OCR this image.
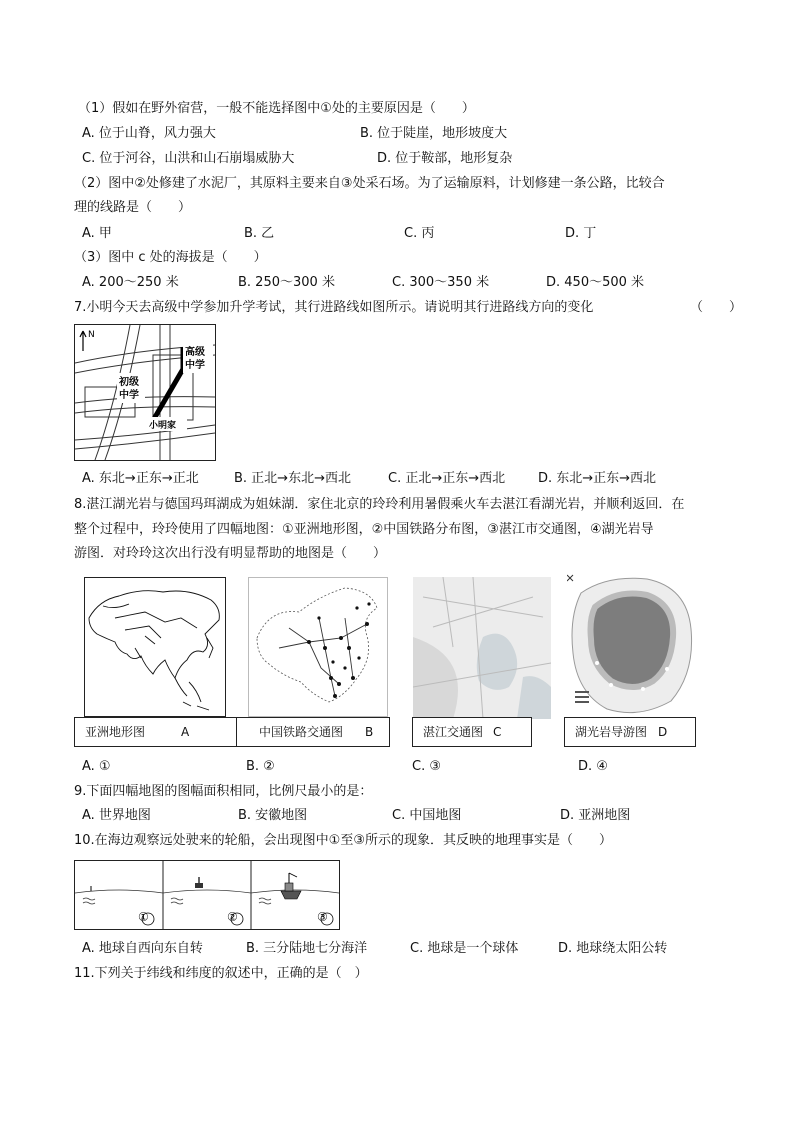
（1）假如在野外宿营，一般不能选择图中①处的主要原因是（　　）
A. 位于山脊，风力强大	B. 位于陡崖，地形坡度大
C. 位于河谷，山洪和山石崩塌威胁大	D. 位于鞍部，地形复杂
（2）图中②处修建了水泥厂，其原料主要来自③处采石场。为了运输原料，计划修建一条公路，比较合
理的线路是（　　）
A. 甲	B. 乙	C. 丙	D. 丁
（3）图中 c 处的海拔是（　　）
A. 200～250 米	B. 250～300 米	C. 300～350 米	D. 450～500 米
7.小明今天去高级中学参加升学考试，其行进路线如图所示。请说明其行进路线方向的变化	（　　）
N
高级
中学
初级
中学
小明家
A. 东北→正东→正北	B. 正北→东北→西北	C. 正北→正东→西北	D. 东北→正东→西北
8.湛江湖光岩与德国玛珥湖成为姐妹湖．家住北京的玲玲利用暑假乘火车去湛江看湖光岩，并顺利返回．在
整个过程中，玲玲使用了四幅地图：①亚洲地形图，②中国铁路分布图，③湛江市交通图，④湖光岩导
游图．对玲玲这次出行没有明显帮助的地图是（　　）
亚洲地形图	A	中国铁路交通图 B	湛江交通图 C	湖光岩导游图 D
A. ①	B. ②	C. ③	D. ④
9.下面四幅地图的图幅面积相同，比例尺最小的是：
A. 世界地图	B. 安徽地图	C. 中国地图	D. 亚洲地图
10.在海边观察远处驶来的轮船，会出现图中①至③所示的现象．其反映的地理事实是（　　）
①	②	③
A. 地球自西向东自转	B. 三分陆地七分海洋	C. 地球是一个球体	D. 地球绕太阳公转
11.下列关于纬线和纬度的叙述中，正确的是（　）
